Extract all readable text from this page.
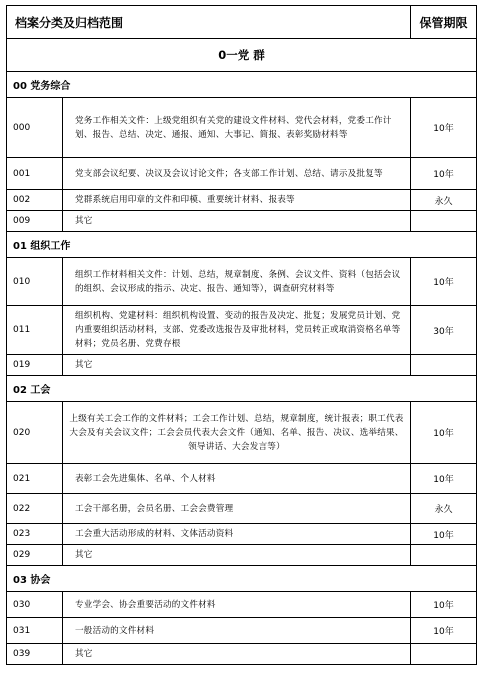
档案分类及归档范围		保管期限
0一党 群		
00 党务综合		
000	党务工作相关文件：上级党组织有关党的建设文件材料、党代会材料，党委工作计划、报告、总结、决定、通报、通知、大事记、简报、表彰奖励材料等	10年
001	党支部会议纪要、决议及会议讨论文件；各支部工作计划、总结、请示及批复等	10年
002	党群系统启用印章的文件和印模、重要统计材料、报表等	永久
009	其它	
01 组织工作		
010	组织工作材料相关文件：计划、总结，规章制度、条例、会议文件、资料（包括会议的组织、会议形成的指示、决定、报告、通知等），调查研究材料等	10年
011	组织机构、党建材料：组织机构设置、变动的报告及决定、批复；发展党员计划、党内重要组织活动材料，支部、党委改选报告及审批材料，党员转正或取消资格名单等材料；党员名册、党费存根	30年
019	其它	
02 工会		
020	上级有关工会工作的文件材料；工会工作计划、总结，规章制度，统计报表；职工代表大会及有关会议文件；工会会员代表大会文件（通知、名单、报告、决议、选举结果、领导讲话、大会发言等）	10年
021	表彰工会先进集体、名单、个人材料	10年
022	工会干部名册，会员名册、工会会费管理	永久
023	工会重大活动形成的材料、文体活动资料	10年
029	其它	
03 协会		
030	专业学会、协会重要活动的文件材料	10年
031	一般活动的文件材料	10年
039	其它	
